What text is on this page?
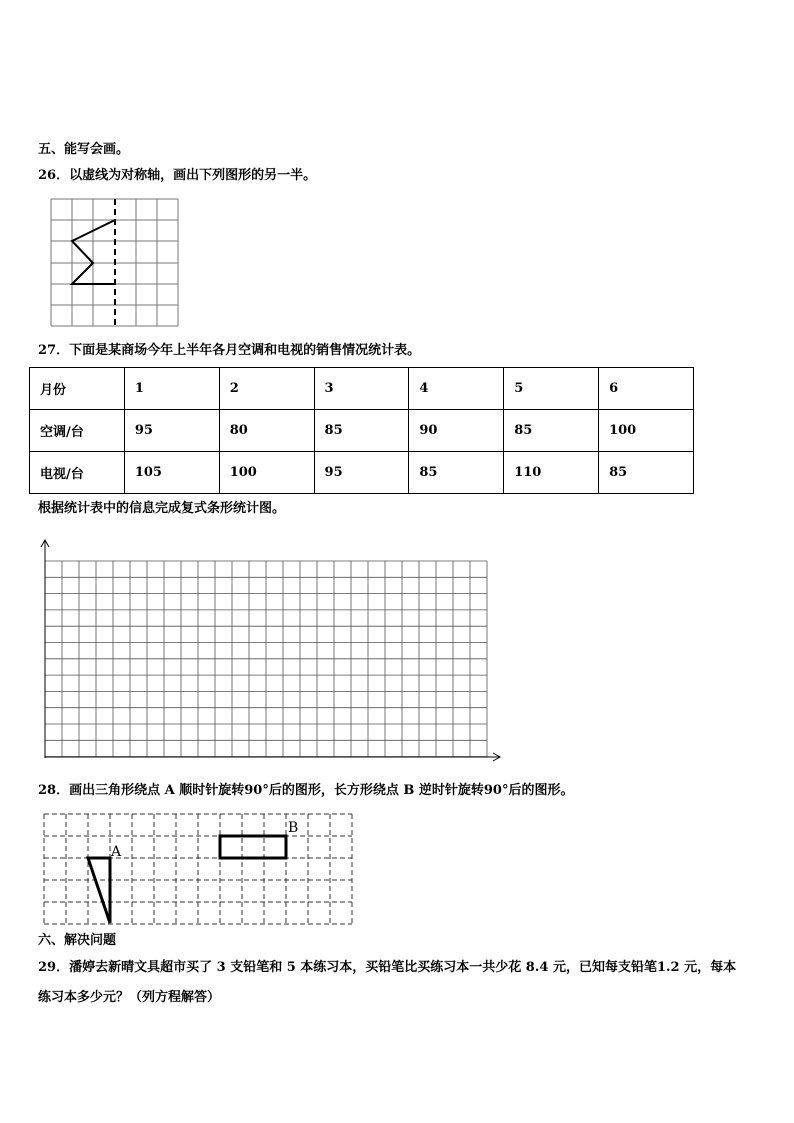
五、能写会画。
26．以虚线为对称轴，画出下列图形的另一半。
27．下面是某商场今年上半年各月空调和电视的销售情况统计表。
月份	1	2	3	4	5	6
空调/台	95	80	85	90	85	100
电视/台	105	100	95	85	110	85
根据统计表中的信息完成复式条形统计图。
28．画出三角形绕点 A 顺时针旋转90°后的图形，长方形绕点 B 逆时针旋转90°后的图形。
A
B
六、解决问题
29．潘婷去新晴文具超市买了 3 支铅笔和 5 本练习本，买铅笔比买练习本一共少花 8.4 元，已知每支铅笔1.2 元，每本
练习本多少元？（列方程解答）
